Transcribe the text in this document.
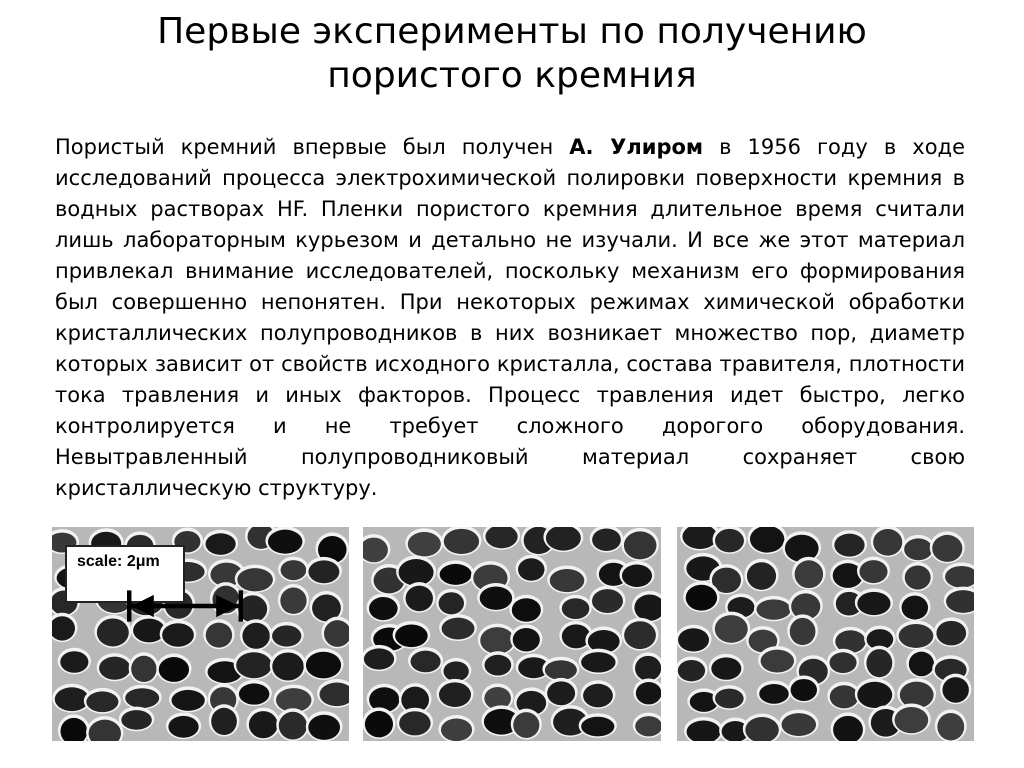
Первые эксперименты по получению
пористого кремния

Пористый кремний впервые был получен А. Улиром в 1956 году в ходе исследований процесса электрохимической полировки поверхности кремния в водных растворах HF. Пленки пористого кремния длительное время считали лишь лабораторным курьезом и детально не изучали. И все же этот материал привлекал внимание исследователей, поскольку механизм его формирования был совершенно непонятен. При некоторых режимах химической обработки кристаллических полупроводников в них возникает множество пор, диаметр которых зависит от свойств исходного кристалла, состава травителя, плотности тока травления и иных факторов. Процесс травления идет быстро, легко контролируется и не требует сложного дорогого оборудования. Невытравленный полупроводниковый материал сохраняет свою кристаллическую структуру.

scale: 2μm
